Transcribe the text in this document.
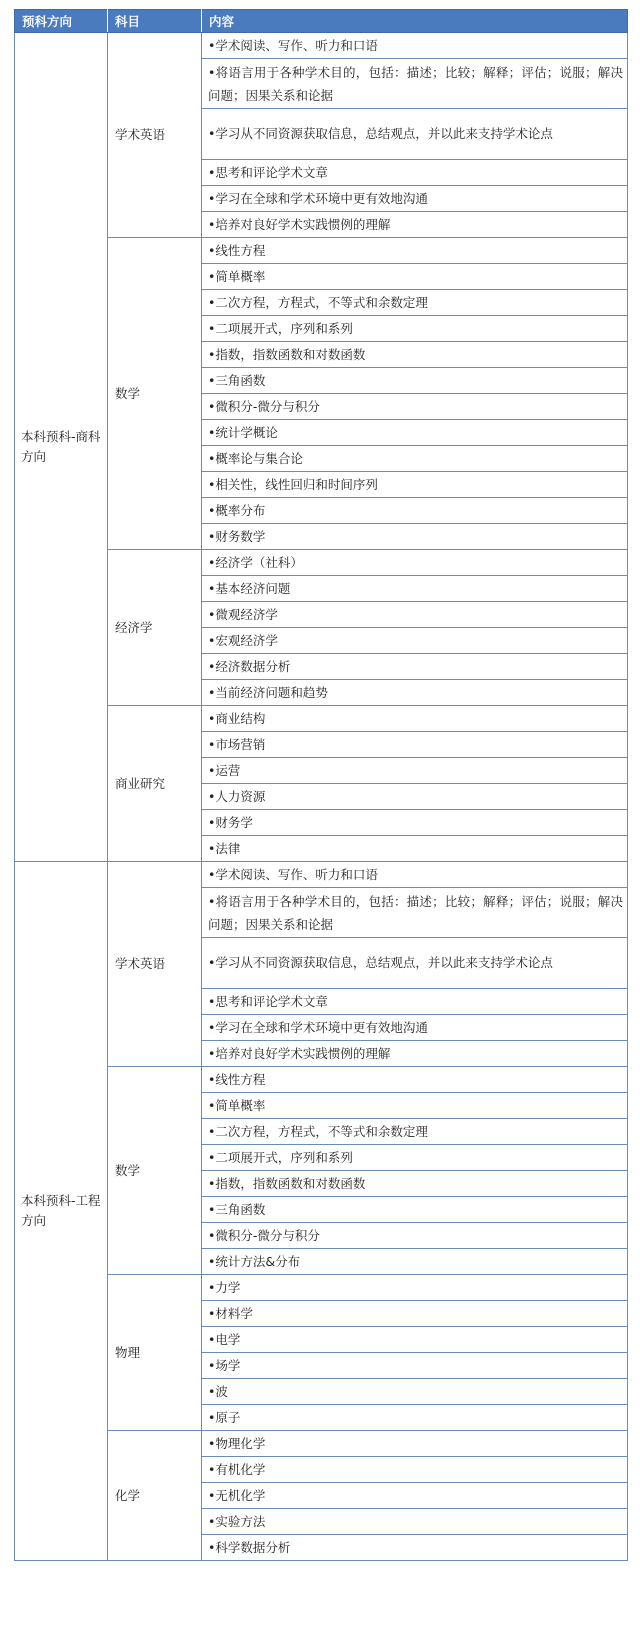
预科方向	科目	内容
本科预科-商科方向	学术英语	•学术阅读、写作、听力和口语
		•将语言用于各种学术目的，包括：描述；比较；解释；评估；说服；解决问题；因果关系和论据
		•学习从不同资源获取信息，总结观点，并以此来支持学术论点
		•思考和评论学术文章
		•学习在全球和学术环境中更有效地沟通
		•培养对良好学术实践惯例的理解
	数学	•线性方程
		•简单概率
		•二次方程，方程式，不等式和余数定理
		•二项展开式，序列和系列
		•指数，指数函数和对数函数
		•三角函数
		•微积分-微分与积分
		•统计学概论
		•概率论与集合论
		•相关性，线性回归和时间序列
		•概率分布
		•财务数学
	经济学	•经济学（社科）
		•基本经济问题
		•微观经济学
		•宏观经济学
		•经济数据分析
		•当前经济问题和趋势
	商业研究	•商业结构
		•市场营销
		•运营
		•人力资源
		•财务学
		•法律
本科预科-工程方向	学术英语	•学术阅读、写作、听力和口语
		•将语言用于各种学术目的，包括：描述；比较；解释；评估；说服；解决问题；因果关系和论据
		•学习从不同资源获取信息，总结观点，并以此来支持学术论点
		•思考和评论学术文章
		•学习在全球和学术环境中更有效地沟通
		•培养对良好学术实践惯例的理解
	数学	•线性方程
		•简单概率
		•二次方程，方程式，不等式和余数定理
		•二项展开式，序列和系列
		•指数，指数函数和对数函数
		•三角函数
		•微积分-微分与积分
		•统计方法&分布
	物理	•力学
		•材料学
		•电学
		•场学
		•波
		•原子
	化学	•物理化学
		•有机化学
		•无机化学
		•实验方法
		•科学数据分析
